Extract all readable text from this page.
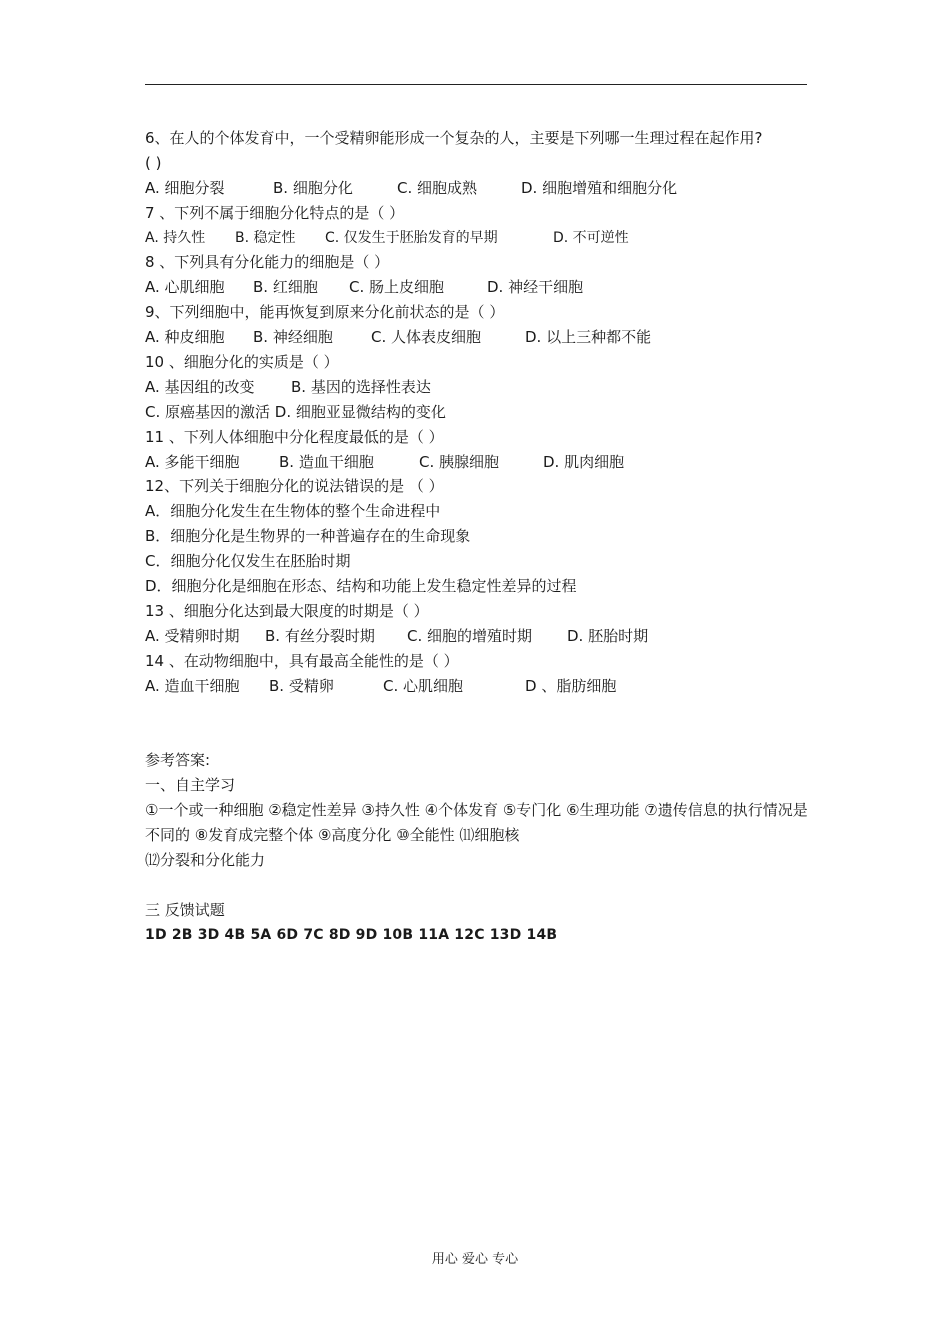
6、在人的个体发育中，一个受精卵能形成一个复杂的人，主要是下列哪一生理过程在起作用?
( )
A. 细胞分裂	B. 细胞分化	C. 细胞成熟	D. 细胞增殖和细胞分化
7 、下列不属于细胞分化特点的是（ ）
A. 持久性 B. 稳定性 C. 仅发生于胚胎发育的早期	D. 不可逆性
8 、下列具有分化能力的细胞是（ ）
A. 心肌细胞 B. 红细胞 C. 肠上皮细胞	D. 神经干细胞
9、下列细胞中，能再恢复到原来分化前状态的是（ ）
A. 种皮细胞 B. 神经细胞	C. 人体表皮细胞	D. 以上三种都不能
10 、细胞分化的实质是（ ）
A. 基因组的改变 B. 基因的选择性表达
C. 原癌基因的激活 D. 细胞亚显微结构的变化
11 、下列人体细胞中分化程度最低的是（ ）
A. 多能干细胞	B. 造血干细胞	C. 胰腺细胞	D. 肌肉细胞
12、下列关于细胞分化的说法错误的是 （ ）
A．细胞分化发生在生物体的整个生命进程中
B．细胞分化是生物界的一种普遍存在的生命现象
C．细胞分化仅发生在胚胎时期
D．细胞分化是细胞在形态、结构和功能上发生稳定性差异的过程
13 、细胞分化达到最大限度的时期是（ ）
A. 受精卵时期 B. 有丝分裂时期 C. 细胞的增殖时期 D. 胚胎时期
14 、在动物细胞中，具有最高全能性的是（ ）
A. 造血干细胞 B. 受精卵	C. 心肌细胞	D 、脂肪细胞
参考答案:
一、自主学习
①一个或一种细胞 ②稳定性差异 ③持久性 ④个体发育 ⑤专门化 ⑥生理功能 ⑦遗传信息的执行情况是不同的 ⑧发育成完整个体 ⑨高度分化 ⑩全能性 ⑾细胞核
⑿分裂和分化能力
三 反馈试题
1D 2B 3D 4B 5A 6D 7C 8D 9D 10B 11A 12C 13D 14B
用心 爱心 专心
